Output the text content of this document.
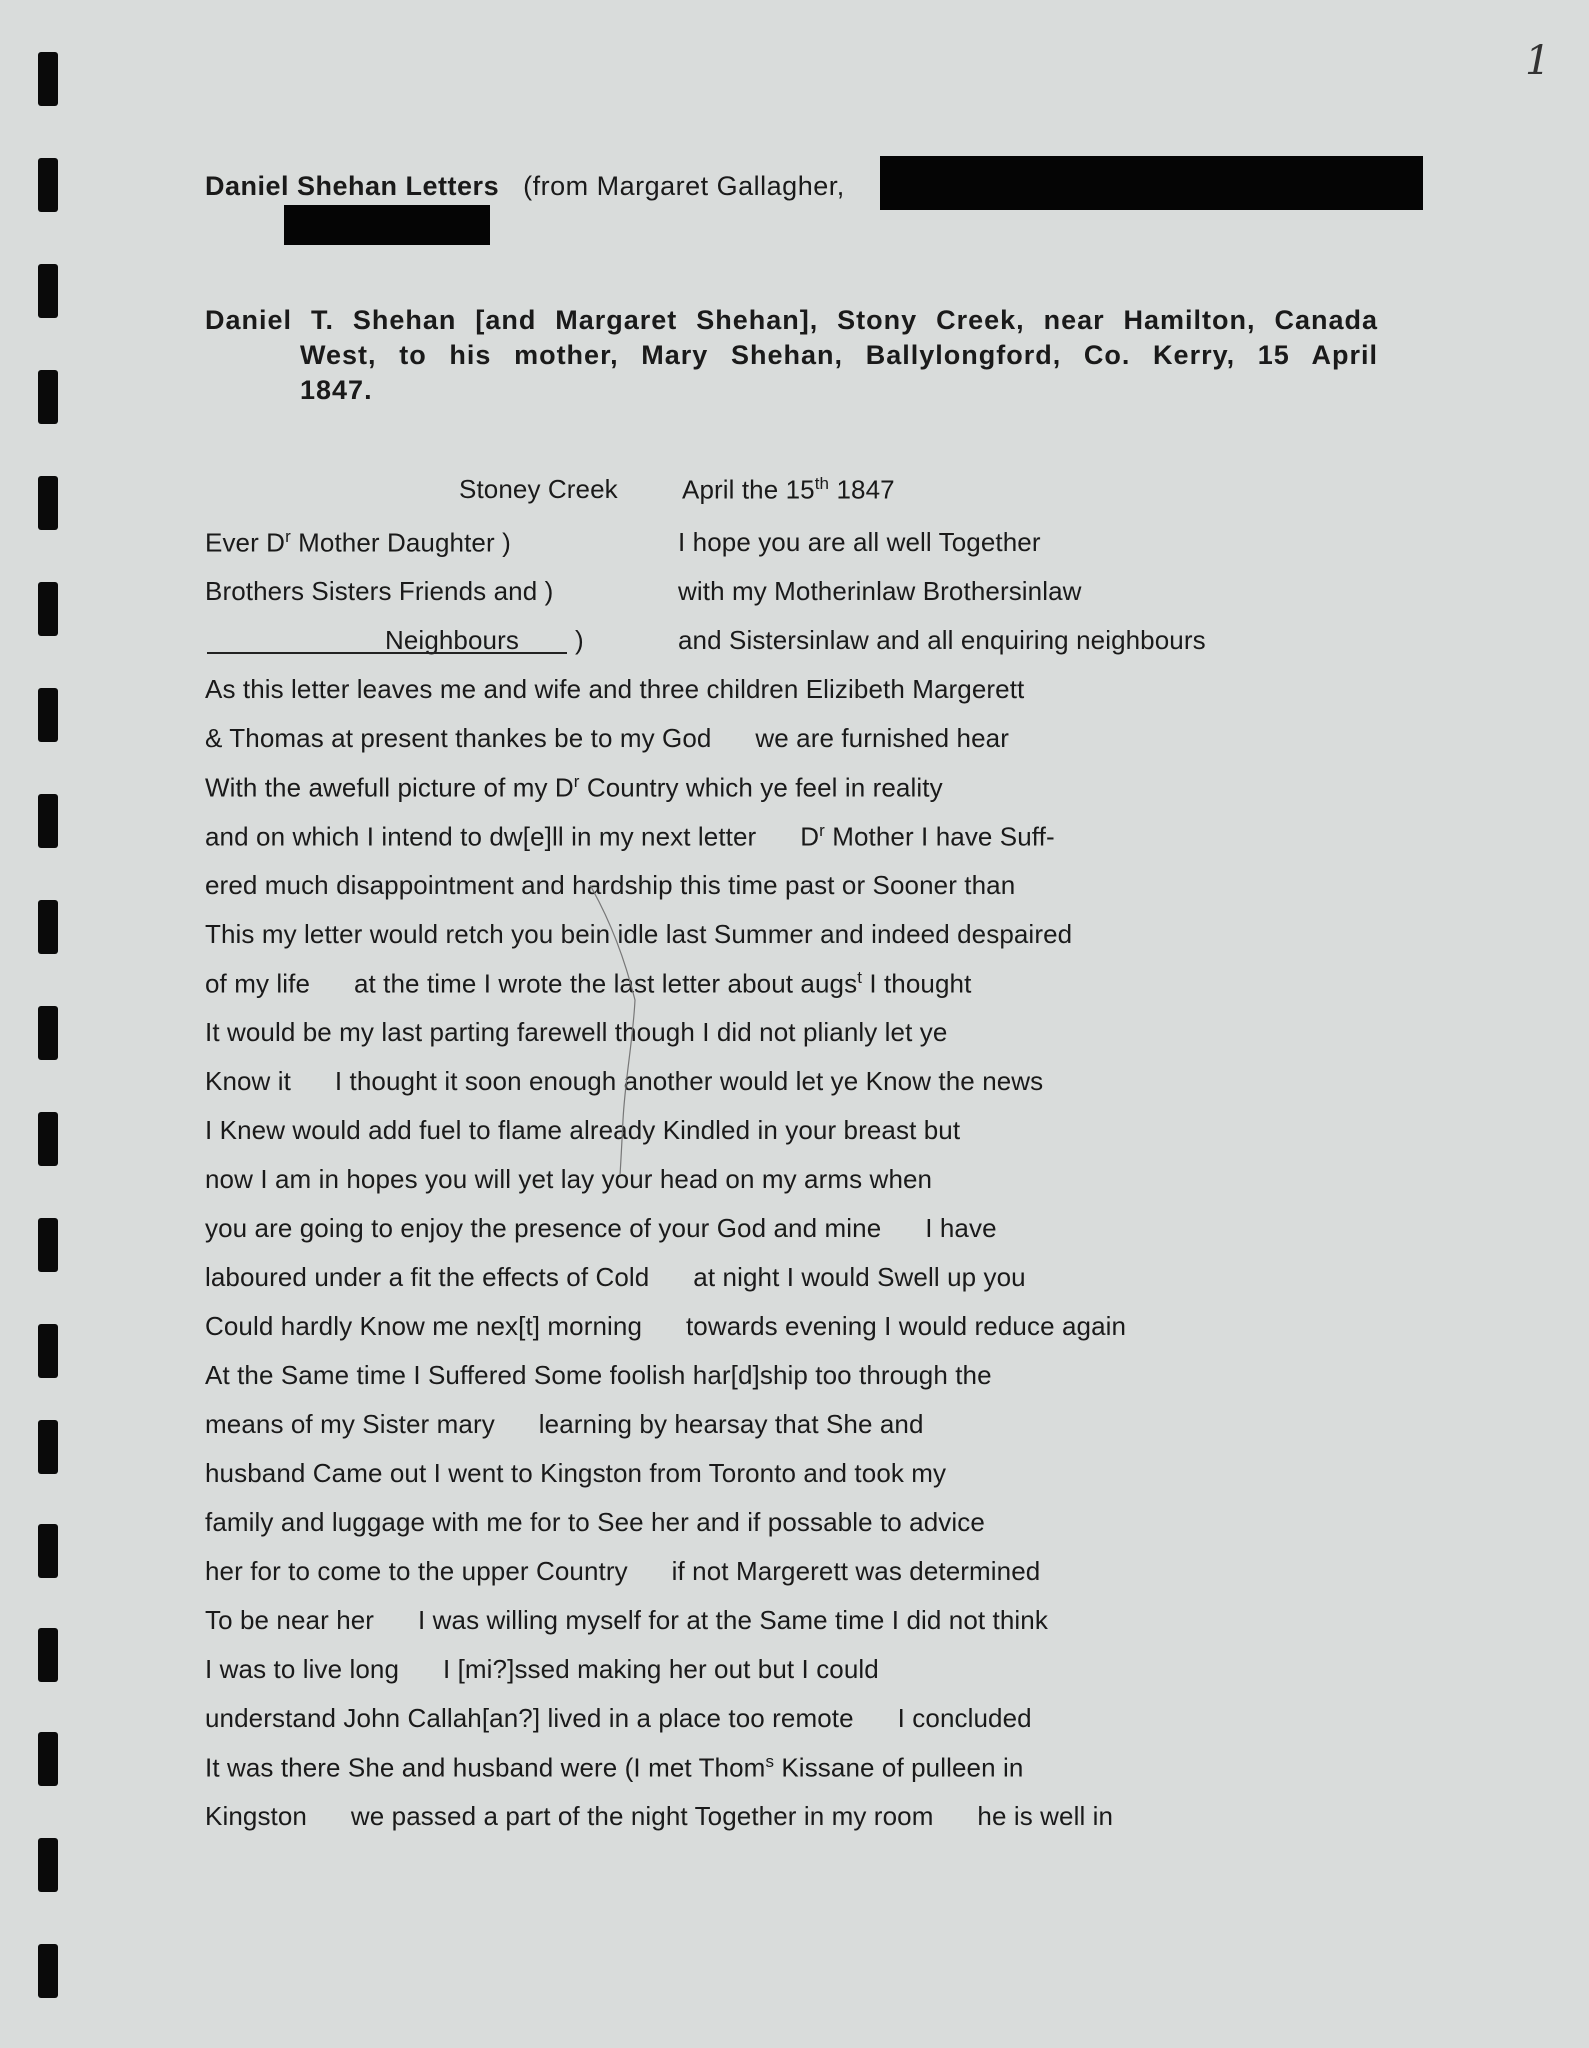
1
Daniel Shehan Letters (from Margaret Gallagher,
Daniel T. Shehan [and Margaret Shehan], Stony Creek, near Hamilton, Canada
West, to his mother, Mary Shehan, Ballylongford, Co. Kerry, 15 April
1847.
Stoney Creek April the 15th 1847
Ever $D^r$ Mother Daughter )
Brothers Sisters Friends and )
Neighbours )
I hope you are all well Together
with my Motherinlaw Brothersinlaw
and Sistersinlaw and all enquiring neighbours
As this letter leaves me and wife and three children Elizibeth Margerett
& Thomas at present thankes be to my God      we are furnished hear
With the awefull picture of my $D^r$ Country which ye feel in reality
and on which I intend to dw[e]ll in my next letter      $D^r$ Mother I have Suff-
ered much disappointment and hardship this time past or Sooner than
This my letter would retch you bein idle last Summer and indeed despaired
of my life      at the time I wrote the last letter about augs$^t$ I thought
It would be my last parting farewell though I did not plianly let ye
Know it      I thought it soon enough another would let ye Know the news
I Knew would add fuel to flame already Kindled in your breast but
now I am in hopes you will yet lay your head on my arms when
you are going to enjoy the presence of your God and mine      I have
laboured under a fit the effects of Cold      at night I would Swell up you
Could hardly Know me nex[t] morning      towards evening I would reduce again
At the Same time I Suffered Some foolish har[d]ship too through the
means of my Sister mary      learning by hearsay that She and
husband Came out I went to Kingston from Toronto and took my
family and luggage with me for to See her and if possable to advice
her for to come to the upper Country      if not Margerett was determined
To be near her      I was willing myself for at the Same time I did not think
I was to live long      I [mi?]ssed making her out but I could
understand John Callah[an?] lived in a place too remote      I concluded
It was there She and husband were (I met Thom$^s$ Kissane of pulleen in
Kingston      we passed a part of the night Together in my room      he is well in
